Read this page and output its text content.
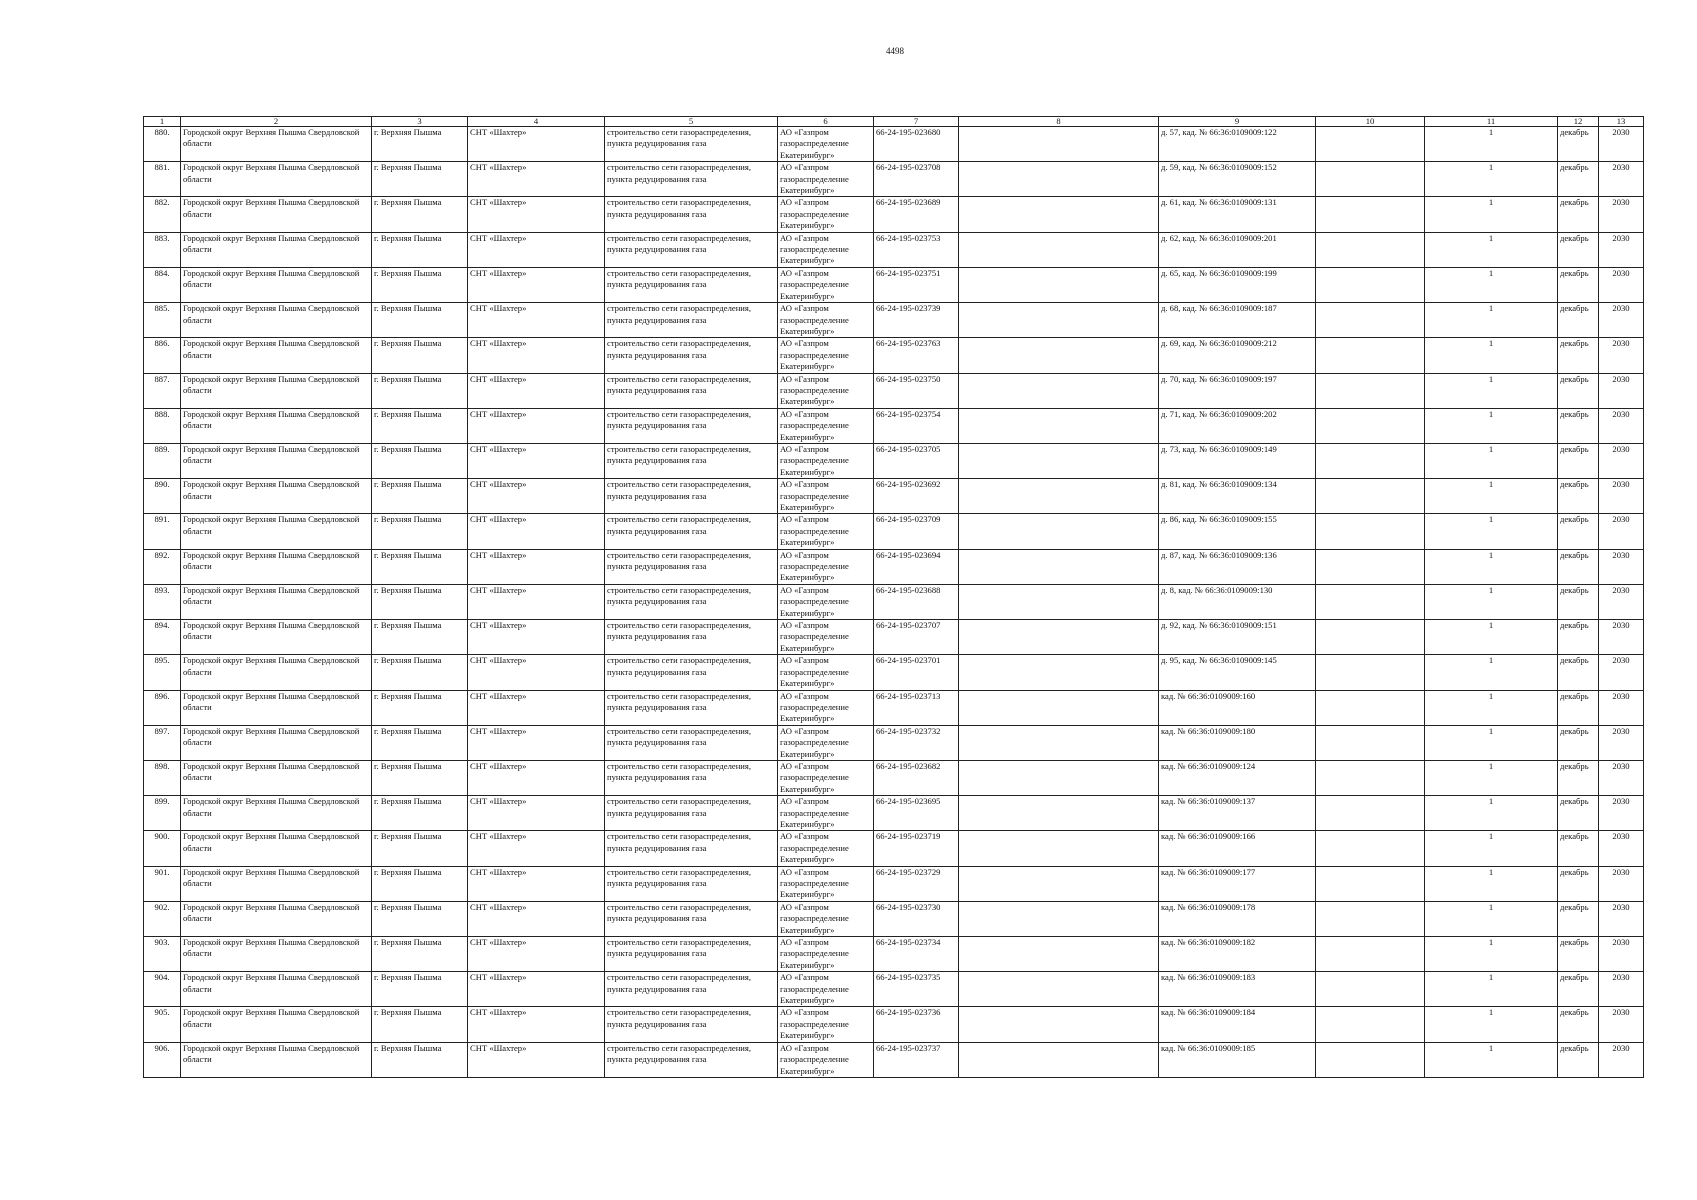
4498
1	2	3	4	5	6	7	8	9	10	11	12	13
880.	Городской округ Верхняя Пышма Свердловской области	г. Верхняя Пышма	СНТ «Шахтер»	строительство сети газораспределения, пункта редуцирования газа	АО «Газпром газораспределение Екатеринбург»	66-24-195-023680		д. 57, кад. № 66:36:0109009:122		1	декабрь	2030
881.	Городской округ Верхняя Пышма Свердловской области	г. Верхняя Пышма	СНТ «Шахтер»	строительство сети газораспределения, пункта редуцирования газа	АО «Газпром газораспределение Екатеринбург»	66-24-195-023708		д. 59, кад. № 66:36:0109009:152		1	декабрь	2030
882.	Городской округ Верхняя Пышма Свердловской области	г. Верхняя Пышма	СНТ «Шахтер»	строительство сети газораспределения, пункта редуцирования газа	АО «Газпром газораспределение Екатеринбург»	66-24-195-023689		д. 61, кад. № 66:36:0109009:131		1	декабрь	2030
883.	Городской округ Верхняя Пышма Свердловской области	г. Верхняя Пышма	СНТ «Шахтер»	строительство сети газораспределения, пункта редуцирования газа	АО «Газпром газораспределение Екатеринбург»	66-24-195-023753		д. 62, кад. № 66:36:0109009:201		1	декабрь	2030
884.	Городской округ Верхняя Пышма Свердловской области	г. Верхняя Пышма	СНТ «Шахтер»	строительство сети газораспределения, пункта редуцирования газа	АО «Газпром газораспределение Екатеринбург»	66-24-195-023751		д. 65, кад. № 66:36:0109009:199		1	декабрь	2030
885.	Городской округ Верхняя Пышма Свердловской области	г. Верхняя Пышма	СНТ «Шахтер»	строительство сети газораспределения, пункта редуцирования газа	АО «Газпром газораспределение Екатеринбург»	66-24-195-023739		д. 68, кад. № 66:36:0109009:187		1	декабрь	2030
886.	Городской округ Верхняя Пышма Свердловской области	г. Верхняя Пышма	СНТ «Шахтер»	строительство сети газораспределения, пункта редуцирования газа	АО «Газпром газораспределение Екатеринбург»	66-24-195-023763		д. 69, кад. № 66:36:0109009:212		1	декабрь	2030
887.	Городской округ Верхняя Пышма Свердловской области	г. Верхняя Пышма	СНТ «Шахтер»	строительство сети газораспределения, пункта редуцирования газа	АО «Газпром газораспределение Екатеринбург»	66-24-195-023750		д. 70, кад. № 66:36:0109009:197		1	декабрь	2030
888.	Городской округ Верхняя Пышма Свердловской области	г. Верхняя Пышма	СНТ «Шахтер»	строительство сети газораспределения, пункта редуцирования газа	АО «Газпром газораспределение Екатеринбург»	66-24-195-023754		д. 71, кад. № 66:36:0109009:202		1	декабрь	2030
889.	Городской округ Верхняя Пышма Свердловской области	г. Верхняя Пышма	СНТ «Шахтер»	строительство сети газораспределения, пункта редуцирования газа	АО «Газпром газораспределение Екатеринбург»	66-24-195-023705		д. 73, кад. № 66:36:0109009:149		1	декабрь	2030
890.	Городской округ Верхняя Пышма Свердловской области	г. Верхняя Пышма	СНТ «Шахтер»	строительство сети газораспределения, пункта редуцирования газа	АО «Газпром газораспределение Екатеринбург»	66-24-195-023692		д. 81, кад. № 66:36:0109009:134		1	декабрь	2030
891.	Городской округ Верхняя Пышма Свердловской области	г. Верхняя Пышма	СНТ «Шахтер»	строительство сети газораспределения, пункта редуцирования газа	АО «Газпром газораспределение Екатеринбург»	66-24-195-023709		д. 86, кад. № 66:36:0109009:155		1	декабрь	2030
892.	Городской округ Верхняя Пышма Свердловской области	г. Верхняя Пышма	СНТ «Шахтер»	строительство сети газораспределения, пункта редуцирования газа	АО «Газпром газораспределение Екатеринбург»	66-24-195-023694		д. 87, кад. № 66:36:0109009:136		1	декабрь	2030
893.	Городской округ Верхняя Пышма Свердловской области	г. Верхняя Пышма	СНТ «Шахтер»	строительство сети газораспределения, пункта редуцирования газа	АО «Газпром газораспределение Екатеринбург»	66-24-195-023688		д. 8, кад. № 66:36:0109009:130		1	декабрь	2030
894.	Городской округ Верхняя Пышма Свердловской области	г. Верхняя Пышма	СНТ «Шахтер»	строительство сети газораспределения, пункта редуцирования газа	АО «Газпром газораспределение Екатеринбург»	66-24-195-023707		д. 92, кад. № 66:36:0109009:151		1	декабрь	2030
895.	Городской округ Верхняя Пышма Свердловской области	г. Верхняя Пышма	СНТ «Шахтер»	строительство сети газораспределения, пункта редуцирования газа	АО «Газпром газораспределение Екатеринбург»	66-24-195-023701		д. 95, кад. № 66:36:0109009:145		1	декабрь	2030
896.	Городской округ Верхняя Пышма Свердловской области	г. Верхняя Пышма	СНТ «Шахтер»	строительство сети газораспределения, пункта редуцирования газа	АО «Газпром газораспределение Екатеринбург»	66-24-195-023713		кад. № 66:36:0109009:160		1	декабрь	2030
897.	Городской округ Верхняя Пышма Свердловской области	г. Верхняя Пышма	СНТ «Шахтер»	строительство сети газораспределения, пункта редуцирования газа	АО «Газпром газораспределение Екатеринбург»	66-24-195-023732		кад. № 66:36:0109009:180		1	декабрь	2030
898.	Городской округ Верхняя Пышма Свердловской области	г. Верхняя Пышма	СНТ «Шахтер»	строительство сети газораспределения, пункта редуцирования газа	АО «Газпром газораспределение Екатеринбург»	66-24-195-023682		кад. № 66:36:0109009:124		1	декабрь	2030
899.	Городской округ Верхняя Пышма Свердловской области	г. Верхняя Пышма	СНТ «Шахтер»	строительство сети газораспределения, пункта редуцирования газа	АО «Газпром газораспределение Екатеринбург»	66-24-195-023695		кад. № 66:36:0109009:137		1	декабрь	2030
900.	Городской округ Верхняя Пышма Свердловской области	г. Верхняя Пышма	СНТ «Шахтер»	строительство сети газораспределения, пункта редуцирования газа	АО «Газпром газораспределение Екатеринбург»	66-24-195-023719		кад. № 66:36:0109009:166		1	декабрь	2030
901.	Городской округ Верхняя Пышма Свердловской области	г. Верхняя Пышма	СНТ «Шахтер»	строительство сети газораспределения, пункта редуцирования газа	АО «Газпром газораспределение Екатеринбург»	66-24-195-023729		кад. № 66:36:0109009:177		1	декабрь	2030
902.	Городской округ Верхняя Пышма Свердловской области	г. Верхняя Пышма	СНТ «Шахтер»	строительство сети газораспределения, пункта редуцирования газа	АО «Газпром газораспределение Екатеринбург»	66-24-195-023730		кад. № 66:36:0109009:178		1	декабрь	2030
903.	Городской округ Верхняя Пышма Свердловской области	г. Верхняя Пышма	СНТ «Шахтер»	строительство сети газораспределения, пункта редуцирования газа	АО «Газпром газораспределение Екатеринбург»	66-24-195-023734		кад. № 66:36:0109009:182		1	декабрь	2030
904.	Городской округ Верхняя Пышма Свердловской области	г. Верхняя Пышма	СНТ «Шахтер»	строительство сети газораспределения, пункта редуцирования газа	АО «Газпром газораспределение Екатеринбург»	66-24-195-023735		кад. № 66:36:0109009:183		1	декабрь	2030
905.	Городской округ Верхняя Пышма Свердловской области	г. Верхняя Пышма	СНТ «Шахтер»	строительство сети газораспределения, пункта редуцирования газа	АО «Газпром газораспределение Екатеринбург»	66-24-195-023736		кад. № 66:36:0109009:184		1	декабрь	2030
906.	Городской округ Верхняя Пышма Свердловской области	г. Верхняя Пышма	СНТ «Шахтер»	строительство сети газораспределения, пункта редуцирования газа	АО «Газпром газораспределение Екатеринбург»	66-24-195-023737		кад. № 66:36:0109009:185		1	декабрь	2030
